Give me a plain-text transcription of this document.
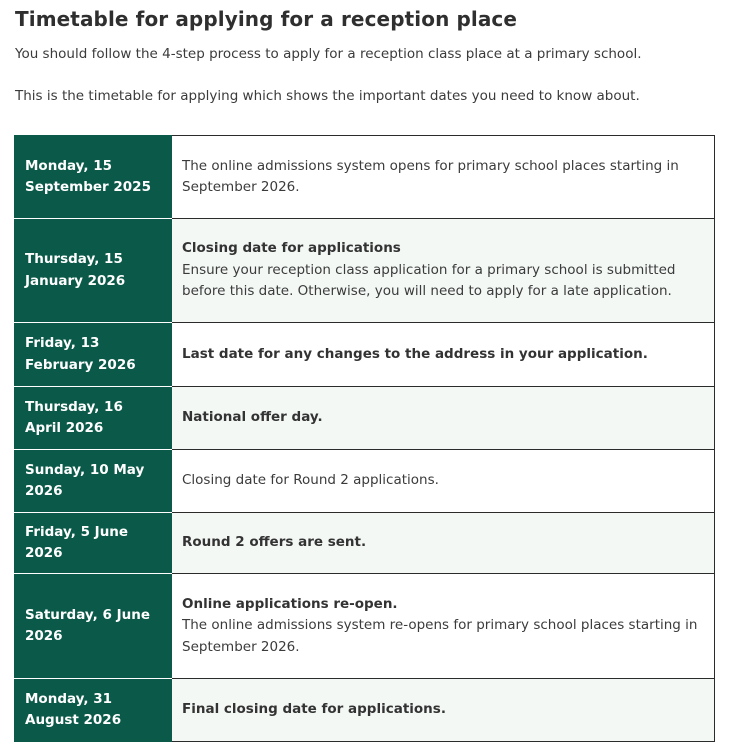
Timetable for applying for a reception place

You should follow the 4-step process to apply for a reception class place at a primary school.

This is the timetable for applying which shows the important dates you need to know about.

Monday, 15 September 2025	The online admissions system opens for primary school places starting in September 2026.
Thursday, 15 January 2026	Closing date for applications
Ensure your reception class application for a primary school is submitted before this date. Otherwise, you will need to apply for a late application.

Friday, 13 February 2026	Last date for any changes to the address in your application.
Thursday, 16 April 2026	National offer day.
Sunday, 10 May 2026	Closing date for Round 2 applications.
Friday, 5 June 2026	Round 2 offers are sent.
Saturday, 6 June 2026	Online applications re-open.
The online admissions system re-opens for primary school places starting in September 2026.

Monday, 31 August 2026	Final closing date for applications.
